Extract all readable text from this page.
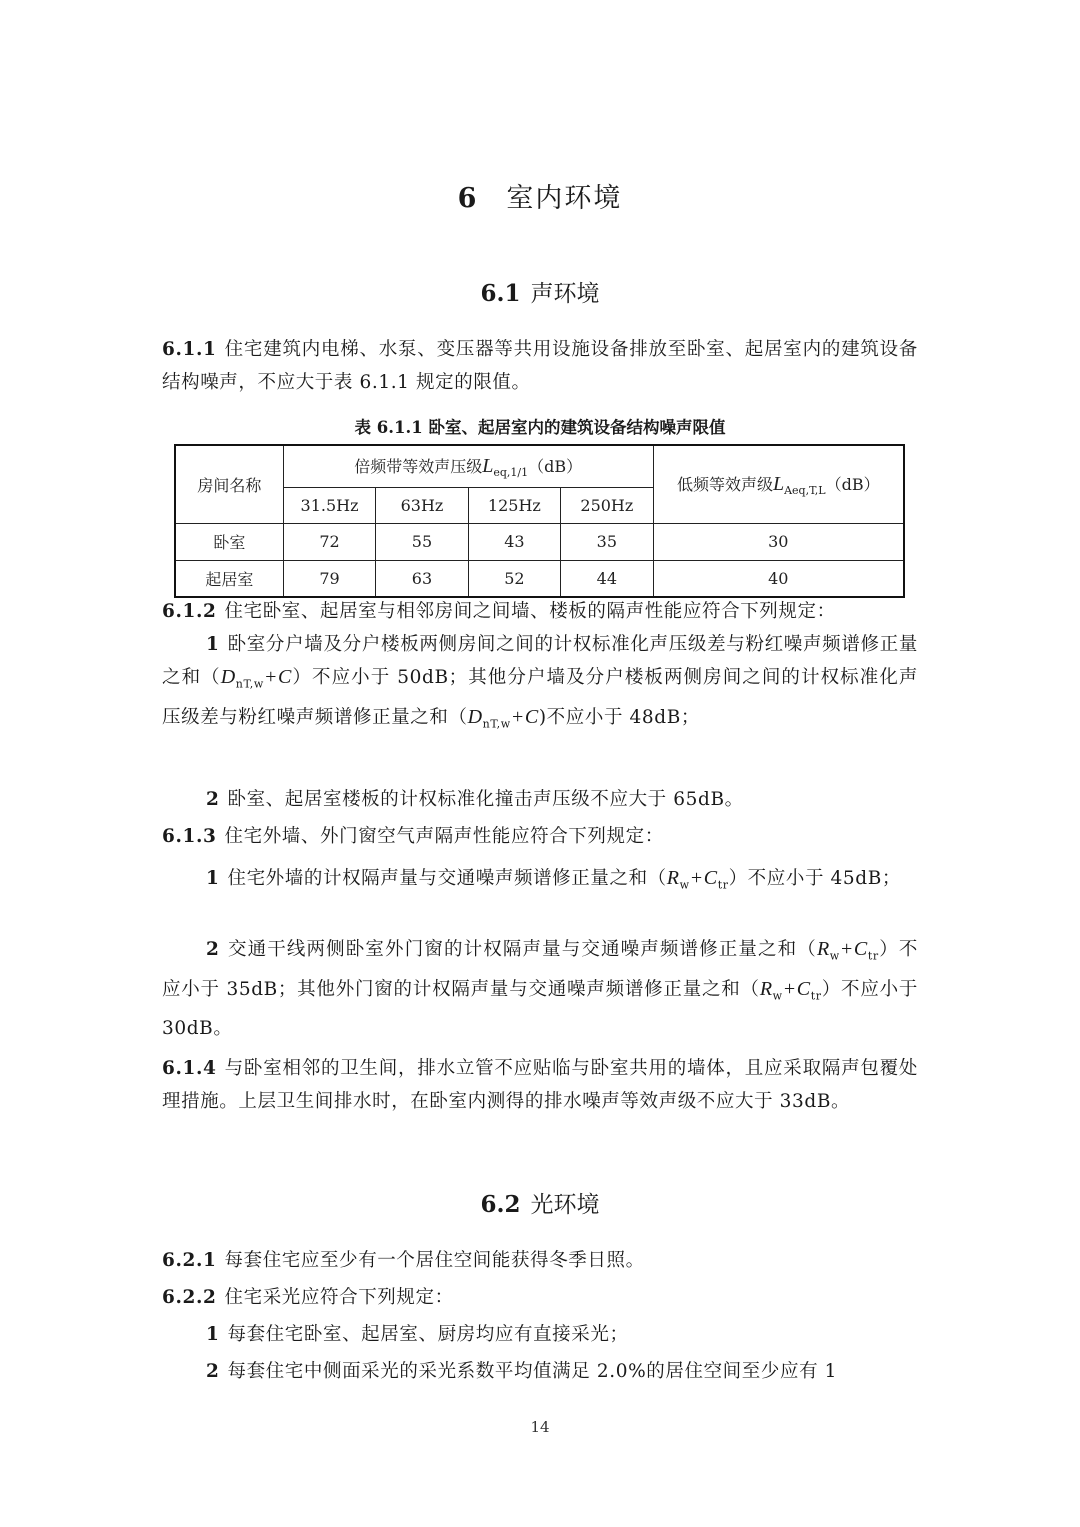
6 室内环境
6.1 声环境
6.1.1 住宅建筑内电梯、水泵、变压器等共用设施设备排放至卧室、起居室内的建筑设备结构噪声，不应大于表 6.1.1 规定的限值。
表 6.1.1 卧室、起居室内的建筑设备结构噪声限值
房间名称	倍频带等效声压级$L_{eq,1/1}(dB)$				低频等效声级$L_{Aeq,T,L}(dB)$
	31.5Hz	63Hz	125Hz	250Hz	
卧室	72	55	43	35	30
起居室	79	63	52	44	40
6.1.2 住宅卧室、起居室与相邻房间之间墙、楼板的隔声性能应符合下列规定：
1 卧室分户墙及分户楼板两侧房间之间的计权标准化声压级差与粉红噪声频谱修正量之和$(D_{nT,w}+C)$不应小于 50dB；其他分户墙及分户楼板两侧房间之间的计权标准化声压级差与粉红噪声频谱修正量之和$(D_{nT,w}+C)$不应小于 48dB；
2 卧室、起居室楼板的计权标准化撞击声压级不应大于 65dB。
6.1.3 住宅外墙、外门窗空气声隔声性能应符合下列规定：
1 住宅外墙的计权隔声量与交通噪声频谱修正量之和$(R_w+C_{tr})$不应小于 45dB；
2 交通干线两侧卧室外门窗的计权隔声量与交通噪声频谱修正量之和$(R_w+C_{tr})$不应小于 35dB；其他外门窗的计权隔声量与交通噪声频谱修正量之和$(R_w+C_{tr})$不应小于 30dB。
6.1.4 与卧室相邻的卫生间，排水立管不应贴临与卧室共用的墙体，且应采取隔声包覆处理措施。上层卫生间排水时，在卧室内测得的排水噪声等效声级不应大于 33dB。
6.2 光环境
6.2.1 每套住宅应至少有一个居住空间能获得冬季日照。
6.2.2 住宅采光应符合下列规定：
1 每套住宅卧室、起居室、厨房均应有直接采光；
2 每套住宅中侧面采光的采光系数平均值满足 2.0%的居住空间至少应有 1
14
